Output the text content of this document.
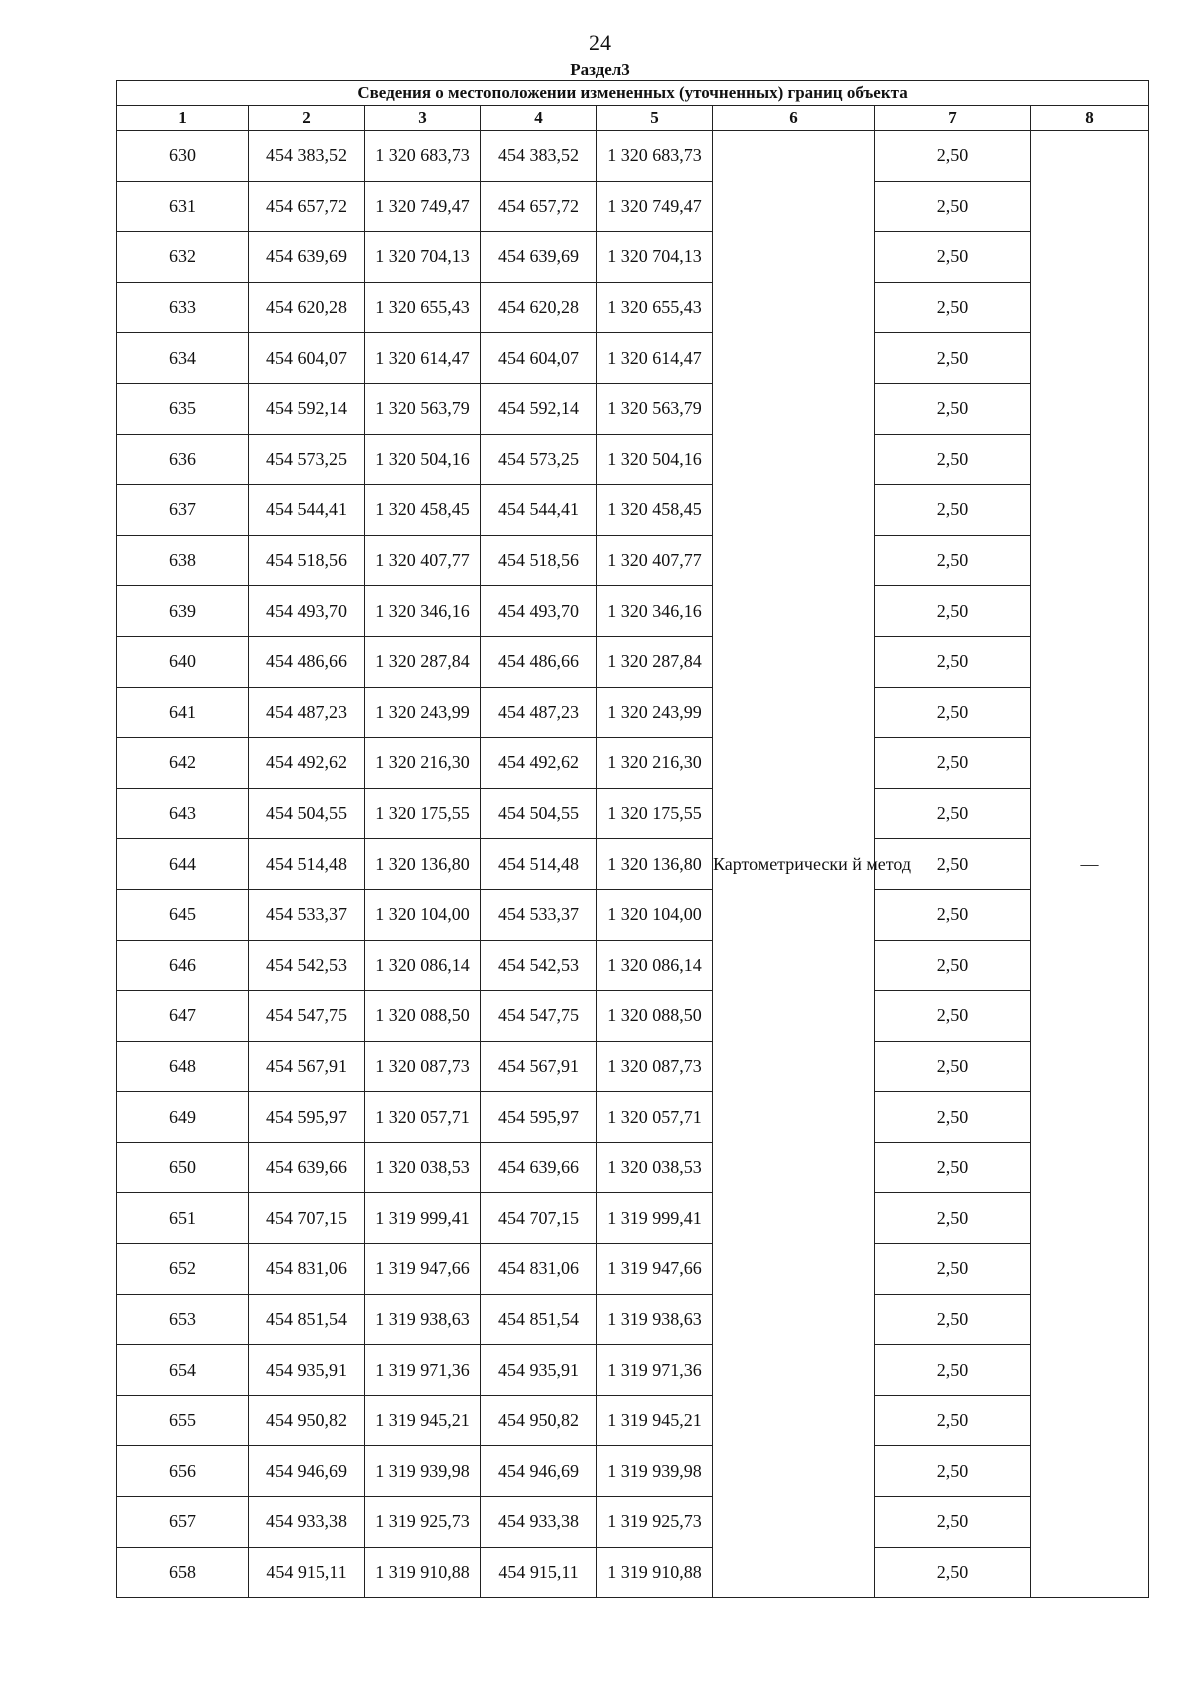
24
Раздел3
Сведения о местоположении измененных (уточненных) границ объекта							
1	2	3	4	5	6	7	8
630	454 383,52	1 320 683,73	454 383,52	1 320 683,73	Картометрически й метод	2,50	—
631	454 657,72	1 320 749,47	454 657,72	1 320 749,47		2,50	
632	454 639,69	1 320 704,13	454 639,69	1 320 704,13		2,50	
633	454 620,28	1 320 655,43	454 620,28	1 320 655,43		2,50	
634	454 604,07	1 320 614,47	454 604,07	1 320 614,47		2,50	
635	454 592,14	1 320 563,79	454 592,14	1 320 563,79		2,50	
636	454 573,25	1 320 504,16	454 573,25	1 320 504,16		2,50	
637	454 544,41	1 320 458,45	454 544,41	1 320 458,45		2,50	
638	454 518,56	1 320 407,77	454 518,56	1 320 407,77		2,50	
639	454 493,70	1 320 346,16	454 493,70	1 320 346,16		2,50	
640	454 486,66	1 320 287,84	454 486,66	1 320 287,84		2,50	
641	454 487,23	1 320 243,99	454 487,23	1 320 243,99		2,50	
642	454 492,62	1 320 216,30	454 492,62	1 320 216,30		2,50	
643	454 504,55	1 320 175,55	454 504,55	1 320 175,55		2,50	
644	454 514,48	1 320 136,80	454 514,48	1 320 136,80		2,50	
645	454 533,37	1 320 104,00	454 533,37	1 320 104,00		2,50	
646	454 542,53	1 320 086,14	454 542,53	1 320 086,14		2,50	
647	454 547,75	1 320 088,50	454 547,75	1 320 088,50		2,50	
648	454 567,91	1 320 087,73	454 567,91	1 320 087,73		2,50	
649	454 595,97	1 320 057,71	454 595,97	1 320 057,71		2,50	
650	454 639,66	1 320 038,53	454 639,66	1 320 038,53		2,50	
651	454 707,15	1 319 999,41	454 707,15	1 319 999,41		2,50	
652	454 831,06	1 319 947,66	454 831,06	1 319 947,66		2,50	
653	454 851,54	1 319 938,63	454 851,54	1 319 938,63		2,50	
654	454 935,91	1 319 971,36	454 935,91	1 319 971,36		2,50	
655	454 950,82	1 319 945,21	454 950,82	1 319 945,21		2,50	
656	454 946,69	1 319 939,98	454 946,69	1 319 939,98		2,50	
657	454 933,38	1 319 925,73	454 933,38	1 319 925,73		2,50	
658	454 915,11	1 319 910,88	454 915,11	1 319 910,88		2,50	
